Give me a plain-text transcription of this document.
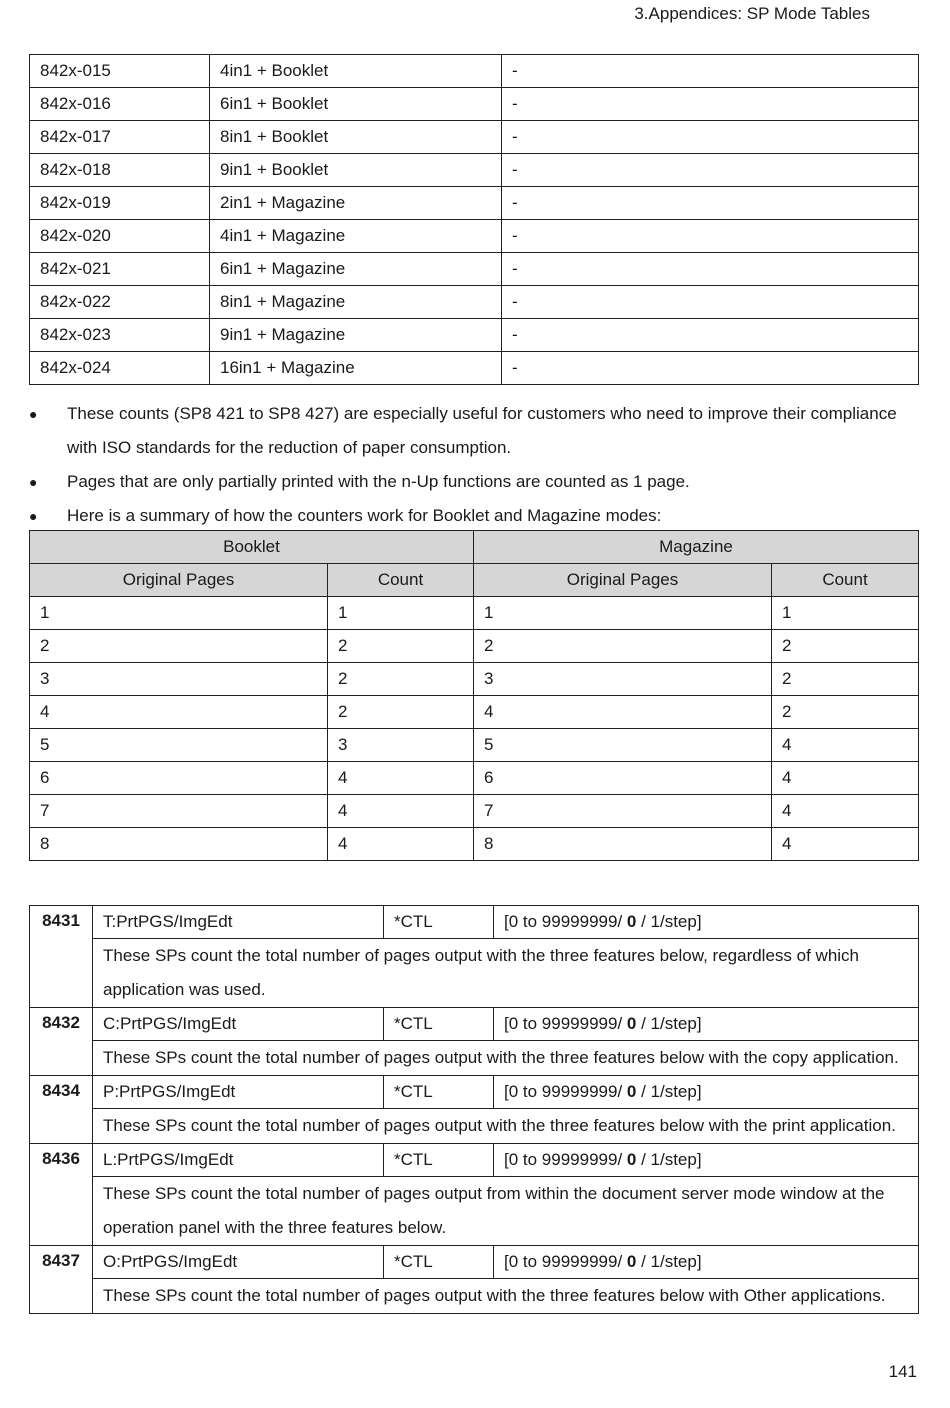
3.Appendices: SP Mode Tables
842x-015	4in1 + Booklet	-
842x-016	6in1 + Booklet	-
842x-017	8in1 + Booklet	-
842x-018	9in1 + Booklet	-
842x-019	2in1 + Magazine	-
842x-020	4in1 + Magazine	-
842x-021	6in1 + Magazine	-
842x-022	8in1 + Magazine	-
842x-023	9in1 + Magazine	-
842x-024	16in1 + Magazine	-
●	These counts (SP8 421 to SP8 427) are especially useful for customers who need to improve their compliance with ISO standards for the reduction of paper consumption.
●	Pages that are only partially printed with the n-Up functions are counted as 1 page.
●	Here is a summary of how the counters work for Booklet and Magazine modes:
Booklet		Magazine	
Original Pages	Count	Original Pages	Count
1	1	1	1
2	2	2	2
3	2	3	2
4	2	4	2
5	3	5	4
6	4	6	4
7	4	7	4
8	4	8	4
8431	T:PrtPGS/ImgEdt	*CTL	[0 to 99999999/ 0 / 1/step]
	These SPs count the total number of pages output with the three features below, regardless of which application was used.		
8432	C:PrtPGS/ImgEdt	*CTL	[0 to 99999999/ 0 / 1/step]
	These SPs count the total number of pages output with the three features below with the copy application.		
8434	P:PrtPGS/ImgEdt	*CTL	[0 to 99999999/ 0 / 1/step]
	These SPs count the total number of pages output with the three features below with the print application.		
8436	L:PrtPGS/ImgEdt	*CTL	[0 to 99999999/ 0 / 1/step]
	These SPs count the total number of pages output from within the document server mode window at the operation panel with the three features below.		
8437	O:PrtPGS/ImgEdt	*CTL	[0 to 99999999/ 0 / 1/step]
	These SPs count the total number of pages output with the three features below with Other applications.		
141
